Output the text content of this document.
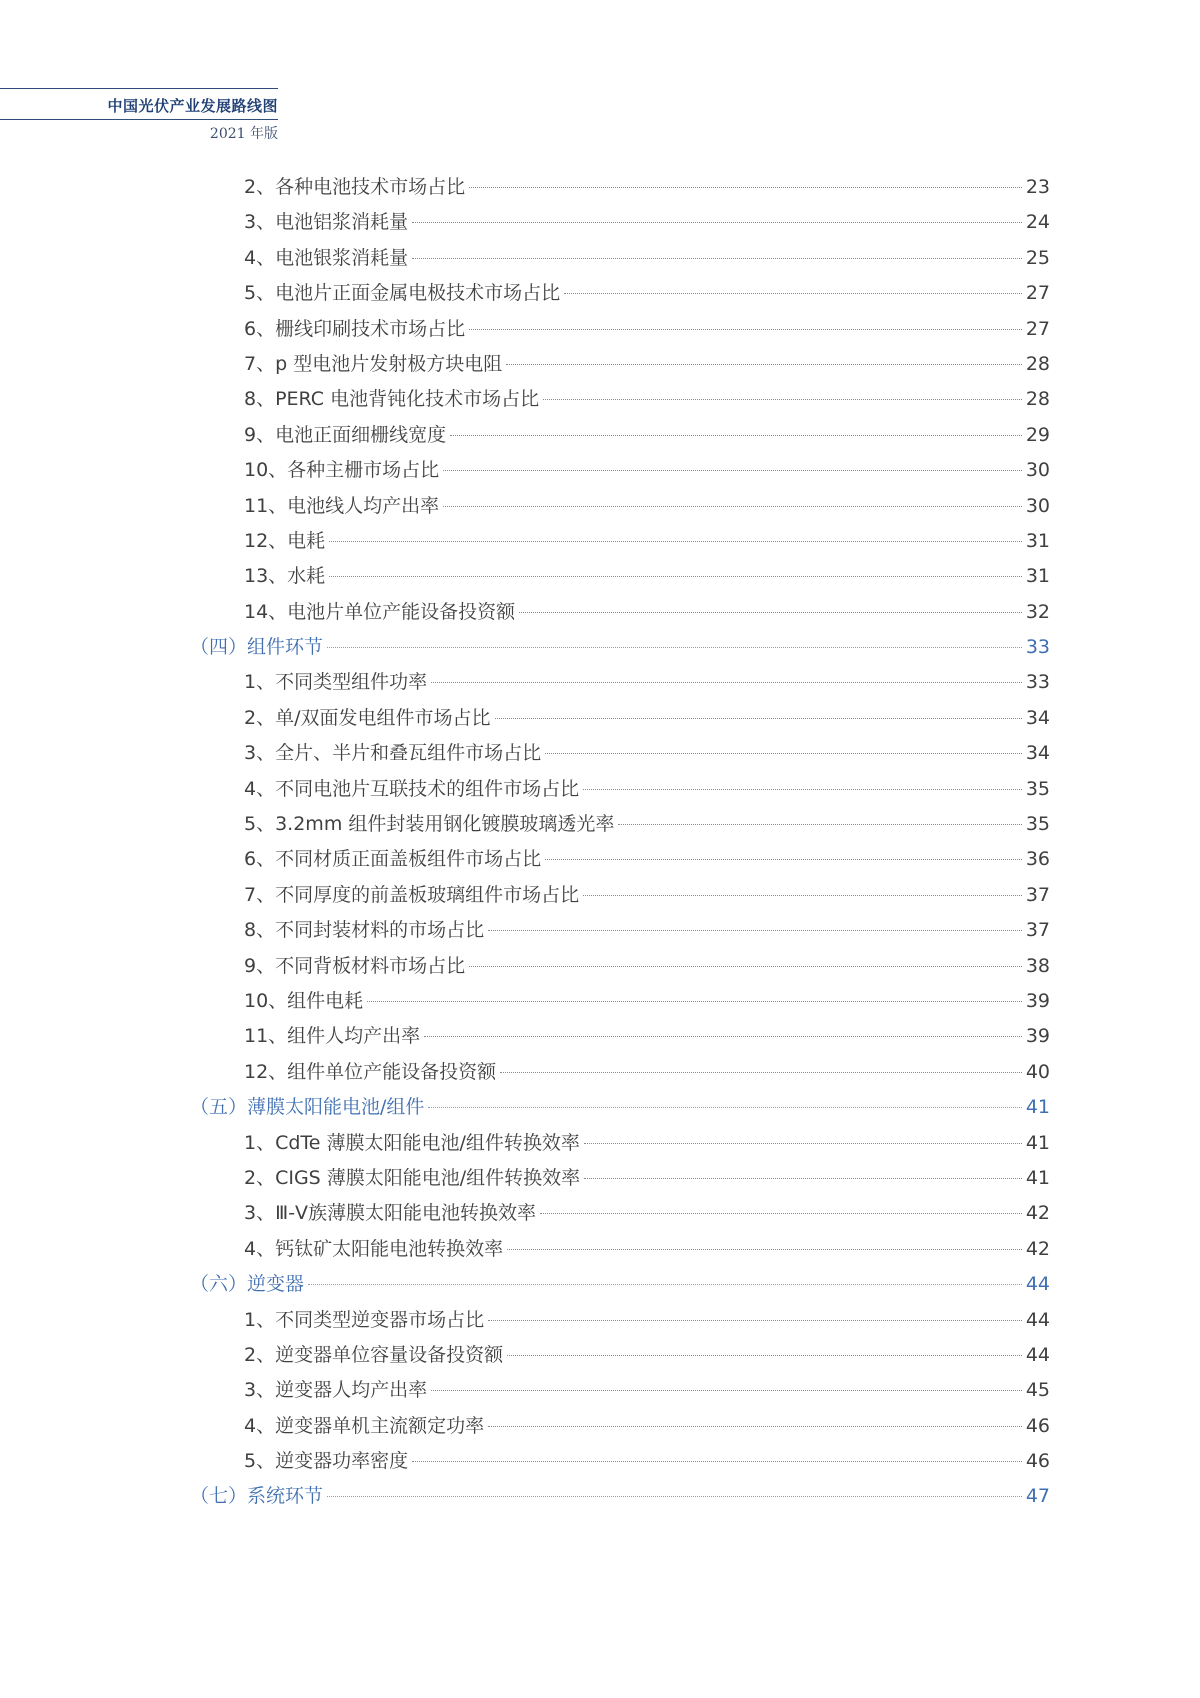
中国光伏产业发展路线图
2021 年版
2、各种电池技术市场占比	23
3、电池铝浆消耗量	24
4、电池银浆消耗量	25
5、电池片正面金属电极技术市场占比	27
6、栅线印刷技术市场占比	27
7、p 型电池片发射极方块电阻	28
8、PERC 电池背钝化技术市场占比	28
9、电池正面细栅线宽度	29
10、各种主栅市场占比	30
11、电池线人均产出率	30
12、电耗	31
13、水耗	31
14、电池片单位产能设备投资额	32
（四）组件环节	33
1、不同类型组件功率	33
2、单/双面发电组件市场占比	34
3、全片、半片和叠瓦组件市场占比	34
4、不同电池片互联技术的组件市场占比	35
5、3.2mm 组件封装用钢化镀膜玻璃透光率	35
6、不同材质正面盖板组件市场占比	36
7、不同厚度的前盖板玻璃组件市场占比	37
8、不同封装材料的市场占比	37
9、不同背板材料市场占比	38
10、组件电耗	39
11、组件人均产出率	39
12、组件单位产能设备投资额	40
（五）薄膜太阳能电池/组件	41
1、CdTe 薄膜太阳能电池/组件转换效率	41
2、CIGS 薄膜太阳能电池/组件转换效率	41
3、Ⅲ-Ⅴ族薄膜太阳能电池转换效率	42
4、钙钛矿太阳能电池转换效率	42
（六）逆变器	44
1、不同类型逆变器市场占比	44
2、逆变器单位容量设备投资额	44
3、逆变器人均产出率	45
4、逆变器单机主流额定功率	46
5、逆变器功率密度	46
（七）系统环节	47
